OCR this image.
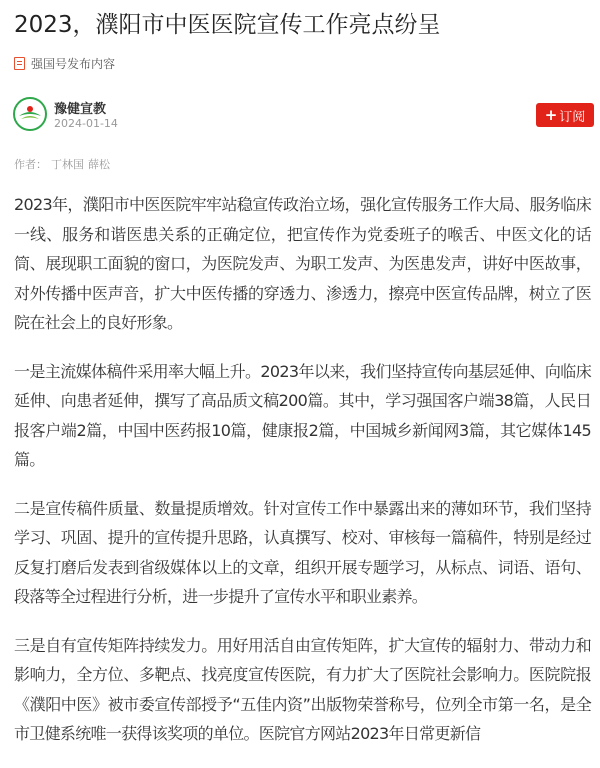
2023，濮阳市中医医院宣传工作亮点纷呈
强国号发布内容
豫健宣教
2024-01-14	+ 订阅
作者： 丁林国 薛松

2023年，濮阳市中医医院牢牢站稳宣传政治立场，强化宣传服务工作大局、服务临床一线、服务和谐医患关系的正确定位，把宣传作为党委班子的喉舌、中医文化的话筒、展现职工面貌的窗口，为医院发声、为职工发声、为医患发声，讲好中医故事，对外传播中医声音，扩大中医传播的穿透力、渗透力，擦亮中医宣传品牌，树立了医院在社会上的良好形象。

一是主流媒体稿件采用率大幅上升。2023年以来，我们坚持宣传向基层延伸、向临床延伸、向患者延伸，撰写了高品质文稿200篇。其中，学习强国客户端38篇，人民日报客户端2篇，中国中医药报10篇，健康报2篇，中国城乡新闻网3篇，其它媒体145篇。

二是宣传稿件质量、数量提质增效。针对宣传工作中暴露出来的薄如环节，我们坚持学习、巩固、提升的宣传提升思路，认真撰写、校对、审核每一篇稿件，特别是经过反复打磨后发表到省级媒体以上的文章，组织开展专题学习，从标点、词语、语句、段落等全过程进行分析，进一步提升了宣传水平和职业素养。

三是自有宣传矩阵持续发力。用好用活自由宣传矩阵，扩大宣传的辐射力、带动力和影响力，全方位、多靶点、找亮度宣传医院，有力扩大了医院社会影响力。医院院报《濮阳中医》被市委宣传部授予“五佳内资”出版物荣誉称号，位列全市第一名，是全市卫健系统唯一获得该奖项的单位。医院官方网站2023年日常更新信
